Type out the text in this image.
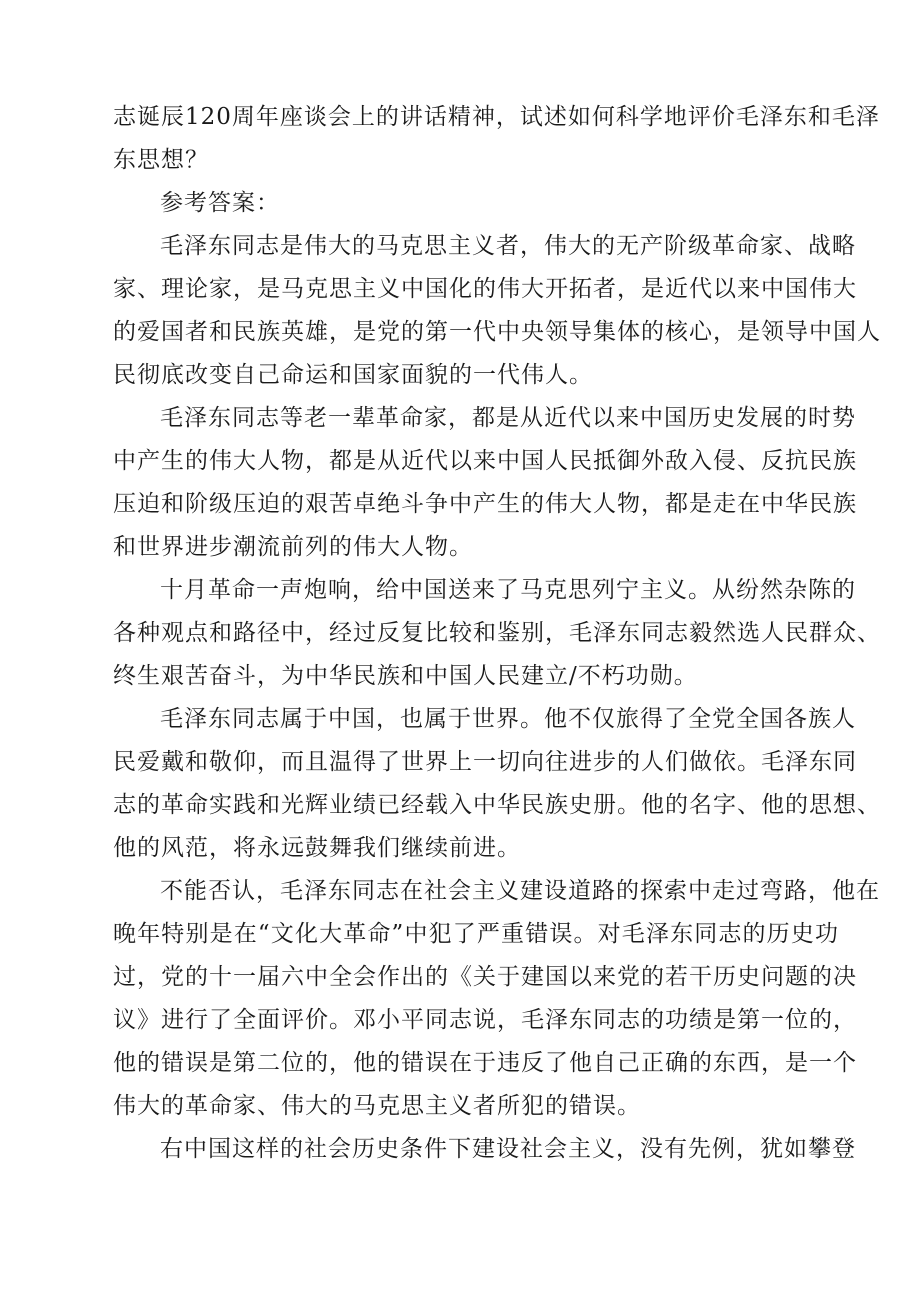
志诞辰120周年座谈会上的讲话精神，试述如何科学地评价毛泽东和毛泽
东思想？
参考答案：
毛泽东同志是伟大的马克思主义者，伟大的无产阶级革命家、战略
家、理论家，是马克思主义中国化的伟大开拓者，是近代以来中国伟大
的爱国者和民族英雄，是党的第一代中央领导集体的核心，是领导中国人
民彻底改变自己命运和国家面貌的一代伟人。
毛泽东同志等老一辈革命家，都是从近代以来中国历史发展的时势
中产生的伟大人物，都是从近代以来中国人民抵御外敌入侵、反抗民族
压迫和阶级压迫的艰苦卓绝斗争中产生的伟大人物，都是走在中华民族
和世界进步潮流前列的伟大人物。
十月革命一声炮响，给中国送来了马克思列宁主义。从纷然杂陈的
各种观点和路径中，经过反复比较和鉴别，毛泽东同志毅然选人民群众、
终生艰苦奋斗，为中华民族和中国人民建立/不朽功勋。
毛泽东同志属于中国，也属于世界。他不仅旅得了全党全国各族人
民爱戴和敬仰，而且温得了世界上一切向往进步的人们做依。毛泽东同
志的革命实践和光辉业绩已经载入中华民族史册。他的名字、他的思想、
他的风范，将永远鼓舞我们继续前进。
不能否认，毛泽东同志在社会主义建设道路的探索中走过弯路，他在
晚年特别是在“文化大革命”中犯了严重错误。对毛泽东同志的历史功
过，党的十一届六中全会作出的《关于建国以来党的若干历史问题的决
议》进行了全面评价。邓小平同志说，毛泽东同志的功绩是第一位的，
他的错误是第二位的，他的错误在于违反了他自己正确的东西，是一个
伟大的革命家、伟大的马克思主义者所犯的错误。
右中国这样的社会历史条件下建设社会主义，没有先例，犹如攀登
